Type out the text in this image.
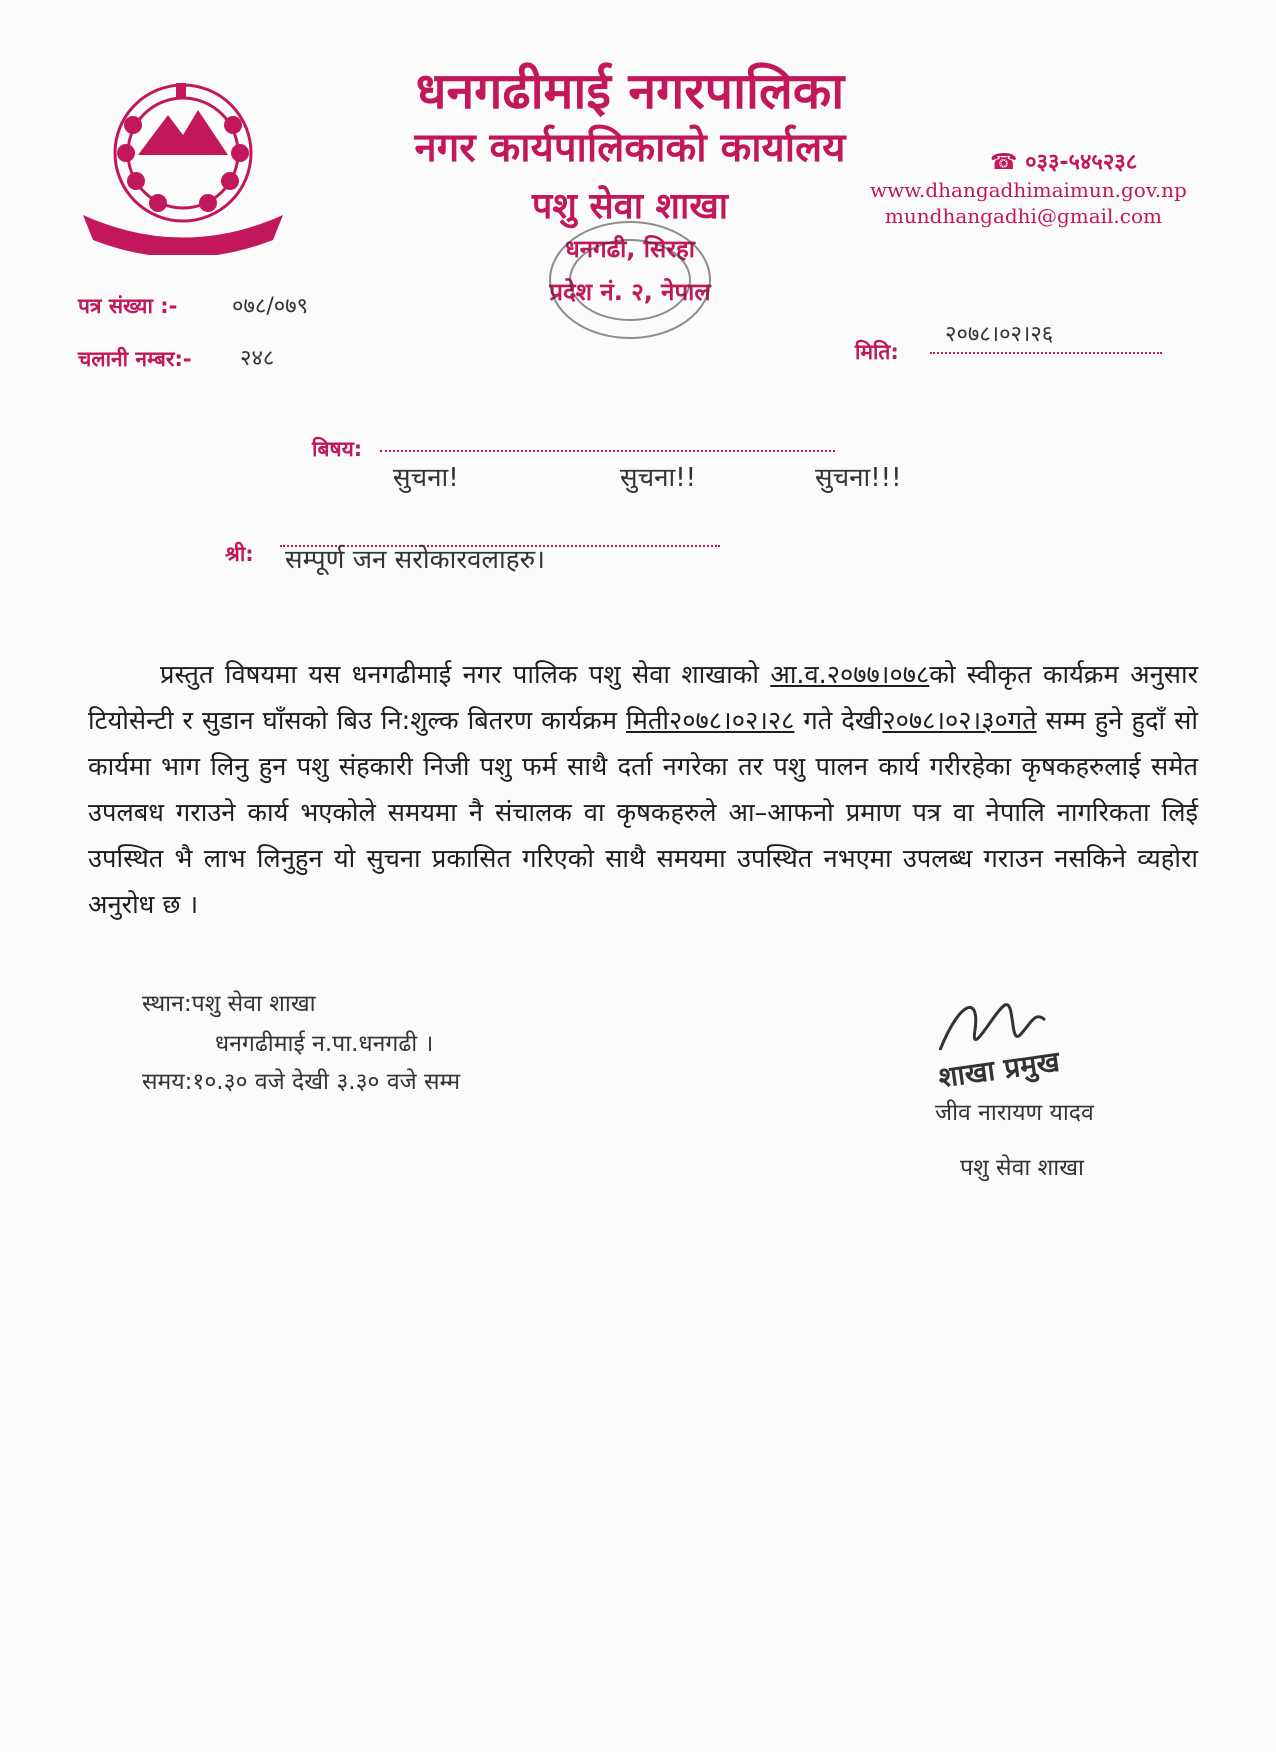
धनगढीमाई नगरपालिका
नगर कार्यपालिकाको कार्यालय
पशु सेवा शाखा
धनगढी, सिरहा
प्रदेश नं. २, नेपाल
☎ ०३३-५४५२३८
www.dhangadhimaimun.gov.np
mundhangadhi@gmail.com
पत्र संख्या :- ०७८/०७९
चलानी नम्बर:- २४८	मिति:
२०७८।०२।२६
बिषय:
सुचना!	सुचना!!	सुचना!!!
श्री: सम्पूर्ण जन सरोकारवलाहरु।
प्रस्तुत विषयमा यस धनगढीमाई नगर पालिक पशु सेवा शाखाको आ.व.२०७७।०७८को स्वीकृत कार्यक्रम अनुसार टियोसेन्टी र सुडान घाँसको बिउ नि:शुल्क बितरण कार्यक्रम मिती२०७८।०२।२८ गते देखी२०७८।०२।३०गते सम्म हुने हुदाँ सो कार्यमा भाग लिनु हुन पशु संहकारी निजी पशु फर्म साथै दर्ता नगरेका तर पशु पालन कार्य गरीरहेका कृषकहरुलाई समेत उपलबध गराउने कार्य भएकोले समयमा नै संचालक वा कृषकहरुले आ–आफनो प्रमाण पत्र वा नेपालि नागरिकता लिई उपस्थित भै लाभ लिनुहुन यो सुचना प्रकासित गरिएको साथै समयमा उपस्थित नभएमा उपलब्ध गराउन नसकिने व्यहोरा अनुरोध छ ।
स्थान:पशु सेवा शाखा
धनगढीमाई न.पा.धनगढी ।
समय:१०.३० वजे देखी ३.३० वजे सम्म	शाखा प्रमुख
जीव नारायण यादव
पशु सेवा शाखा
